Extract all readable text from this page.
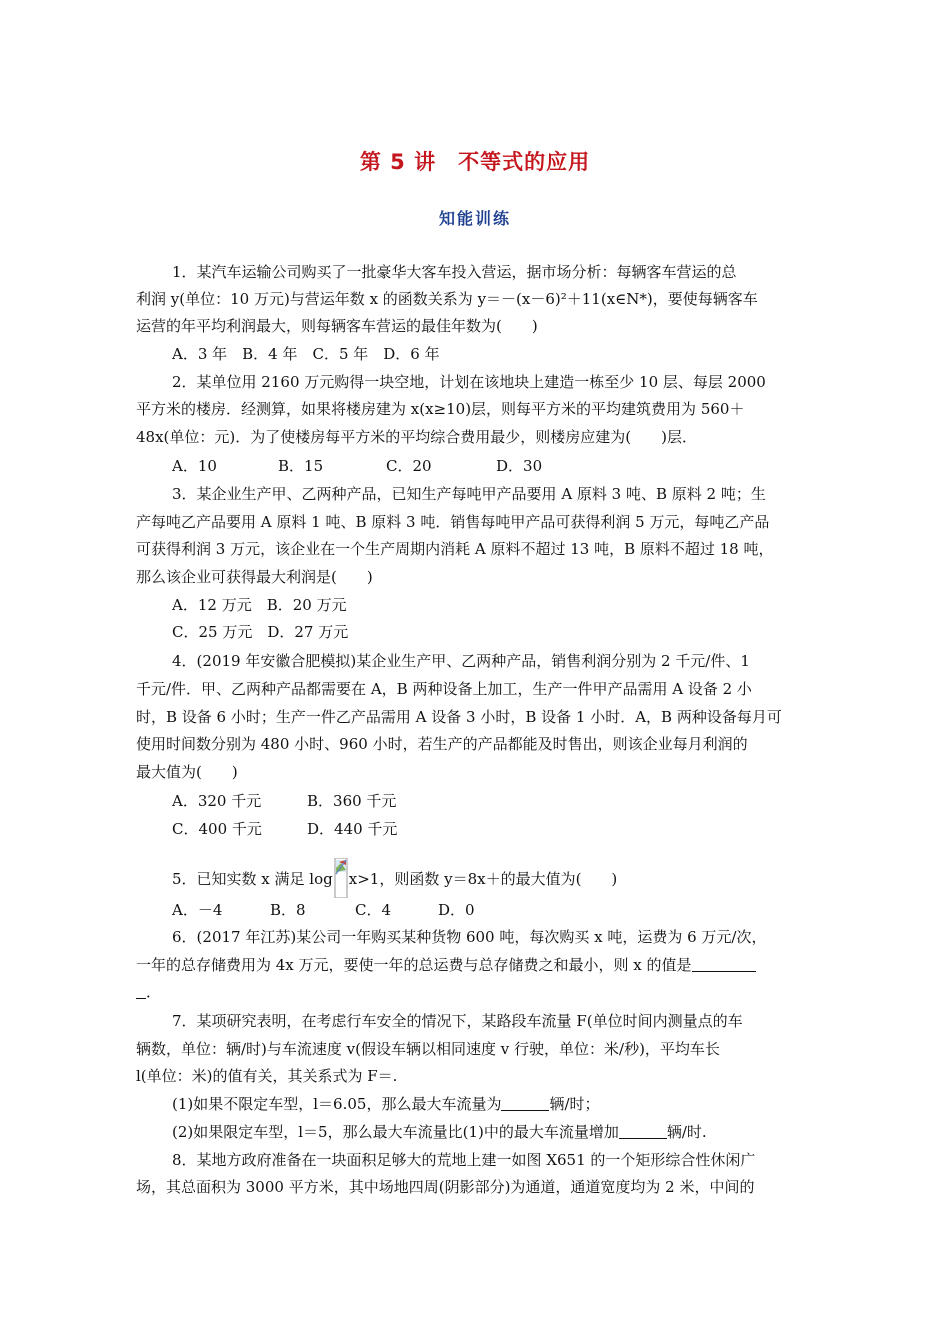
第 5 讲　不等式的应用
知能训练
1．某汽车运输公司购买了一批豪华大客车投入营运，据市场分析：每辆客车营运的总
利润 y(单位：10 万元)与营运年数 x 的函数关系为 y＝－(x－6)²＋11(x∈N*)，要使每辆客车
运营的年平均利润最大，则每辆客车营运的最佳年数为(　　)
A．3 年　B．4 年　C．5 年　D．6 年
2．某单位用 2160 万元购得一块空地，计划在该地块上建造一栋至少 10 层、每层 2000
平方米的楼房．经测算，如果将楼房建为 x(x≥10)层，则每平方米的平均建筑费用为 560＋
48x(单位：元)．为了使楼房每平方米的平均综合费用最少，则楼房应建为(　　)层．
A．10	B．15	C．20	D．30
3．某企业生产甲、乙两种产品，已知生产每吨甲产品要用 A 原料 3 吨、B 原料 2 吨；生
产每吨乙产品要用 A 原料 1 吨、B 原料 3 吨．销售每吨甲产品可获得利润 5 万元，每吨乙产品
可获得利润 3 万元，该企业在一个生产周期内消耗 A 原料不超过 13 吨，B 原料不超过 18 吨，
那么该企业可获得最大利润是(　　)
A．12 万元　B．20 万元
C．25 万元　D．27 万元
4．(2019 年安徽合肥模拟)某企业生产甲、乙两种产品，销售利润分别为 2 千元/件、1
千元/件．甲、乙两种产品都需要在 A，B 两种设备上加工，生产一件甲产品需用 A 设备 2 小
时，B 设备 6 小时；生产一件乙产品需用 A 设备 3 小时，B 设备 1 小时．A，B 两种设备每月可
使用时间数分别为 480 小时、960 小时，若生产的产品都能及时售出，则该企业每月利润的
最大值为(　　)
A．320 千元	B．360 千元
C．400 千元	D．440 千元
5．已知实数 x 满足 log x>1，则函数 y＝8x＋的最大值为(　　)
A．－4	B．8	C．4	D．0
6．(2017 年江苏)某公司一年购买某种货物 600 吨，每次购买 x 吨，运费为 6 万元/次，
一年的总存储费用为 4x 万元，要使一年的总运费与总存储费之和最小，则 x 的值是
．
7．某项研究表明，在考虑行车安全的情况下，某路段车流量 F(单位时间内测量点的车
辆数，单位：辆/时)与车流速度 v(假设车辆以相同速度 v 行驶，单位：米/秒)，平均车长
l(单位：米)的值有关，其关系式为 F＝.
(1)如果不限定车型，l＝6.05，那么最大车流量为	辆/时；
(2)如果限定车型，l＝5，那么最大车流量比(1)中的最大车流量增加	辆/时.
8．某地方政府准备在一块面积足够大的荒地上建一如图 X651 的一个矩形综合性休闲广
场，其总面积为 3000 平方米，其中场地四周(阴影部分)为通道，通道宽度均为 2 米，中间的
